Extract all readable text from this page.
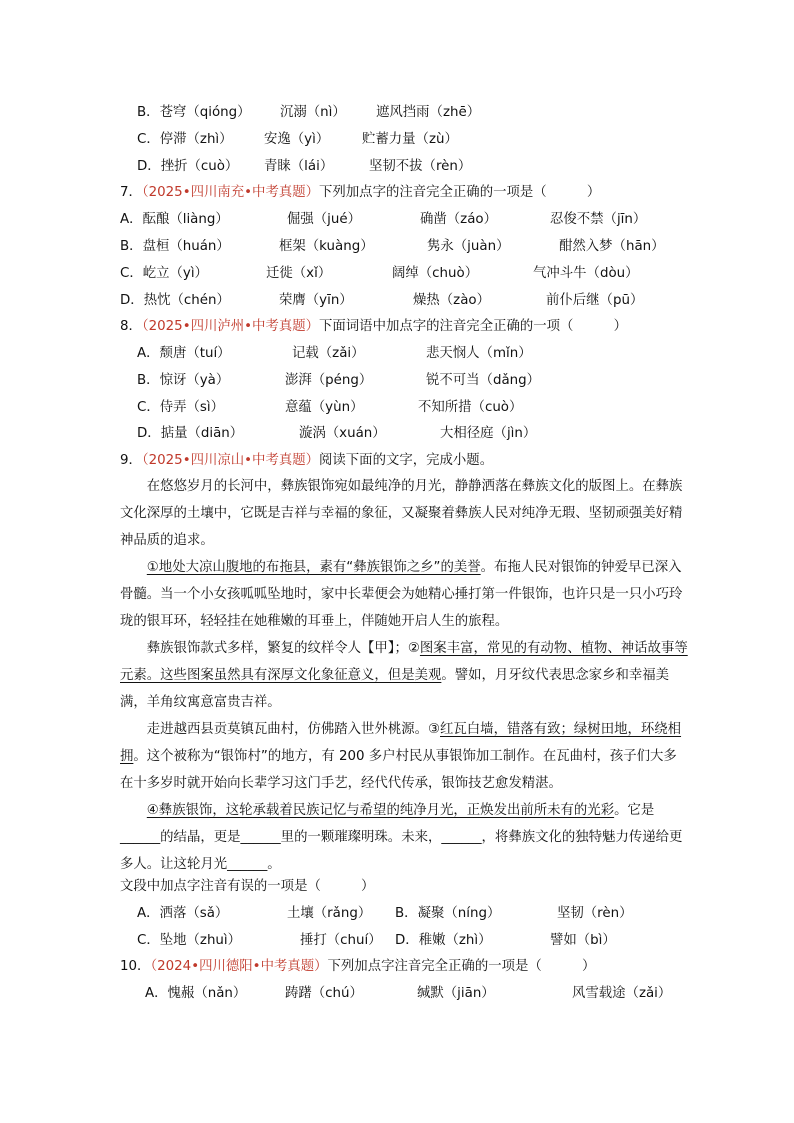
B．苍穹（qióng） 沉溺（nì） 遮风挡雨（zhē）
C．停滞（zhì） 安逸（yì） 贮蓄力量（zù）
D．挫折（cuò） 青睐（lái）	坚韧不拔（rèn）
7．（2025•四川南充•中考真题）下列加点字的注音完全正确的一项是（　　　）
A．酝酿（liàng）	倔强（jué）	确凿（záo）	忍俊不禁（jīn）
B．盘桓（huán）	框架（kuàng）	隽永（juàn）	酣然入梦（hān）
C．屹立（yì）	迁徙（xǐ）	阔绰（chuò）	气冲斗牛（dòu）
D．热忱（chén）	荣膺（yīn）	燥热（zào）	前仆后继（pū）
8．（2025•四川泸州•中考真题）下面词语中加点字的注音完全正确的一项（　　　）
A．颓唐（tuí）	记载（zǎi）	悲天悯人（mǐn）
B．惊讶（yà）	澎湃（péng）	锐不可当（dǎng）
C．侍弄（sì）	意蕴（yùn）	不知所措（cuò）
D．掂量（diān）	漩涡（xuán）	大相径庭（jìn）
9．（2025•四川凉山•中考真题）阅读下面的文字，完成小题。

在悠悠岁月的长河中，彝族银饰宛如最纯净的月光，静静洒落在彝族文化的版图上。在彝族文化深厚的土壤中，它既是吉祥与幸福的象征，又凝聚着彝族人民对纯净无瑕、坚韧顽强美好精神品质的追求。

①地处大凉山腹地的布拖县，素有“彝族银饰之乡”的美誉。布拖人民对银饰的钟爱早已深入骨髓。当一个小女孩呱呱坠地时，家中长辈便会为她精心捶打第一件银饰，也许只是一只小巧玲珑的银耳环，轻轻挂在她稚嫩的耳垂上，伴随她开启人生的旅程。

彝族银饰款式多样，繁复的纹样令人【甲】；②图案丰富，常见的有动物、植物、神话故事等元素。这些图案虽然具有深厚文化象征意义，但是美观。譬如，月牙纹代表思念家乡和幸福美满，羊角纹寓意富贵吉祥。

走进越西县贡莫镇瓦曲村，仿佛踏入世外桃源。③红瓦白墙，错落有致；绿树田地，环绕相拥。这个被称为“银饰村”的地方，有 200 多户村民从事银饰加工制作。在瓦曲村，孩子们大多在十多岁时就开始向长辈学习这门手艺，经代代传承，银饰技艺愈发精湛。

④彝族银饰，这轮承载着民族记忆与希望的纯净月光，正焕发出前所未有的光彩。它是______的结晶，更是______里的一颗璀璨明珠。未来，______，将彝族文化的独特魅力传递给更多人。让这轮月光______。

文段中加点字注音有误的一项是（　　　）
A．洒落（sǎ）	土壤（rǎng） B．凝聚（níng）	坚韧（rèn）
C．坠地（zhuì）	捶打（chuí） D．稚嫩（zhì）	譬如（bì）
10．（2024•四川德阳•中考真题）下列加点字注音完全正确的一项是（　　　）
A．愧赧（nǎn）	踌躇（chú）	缄默（jiān）	风雪载途（zǎi）
